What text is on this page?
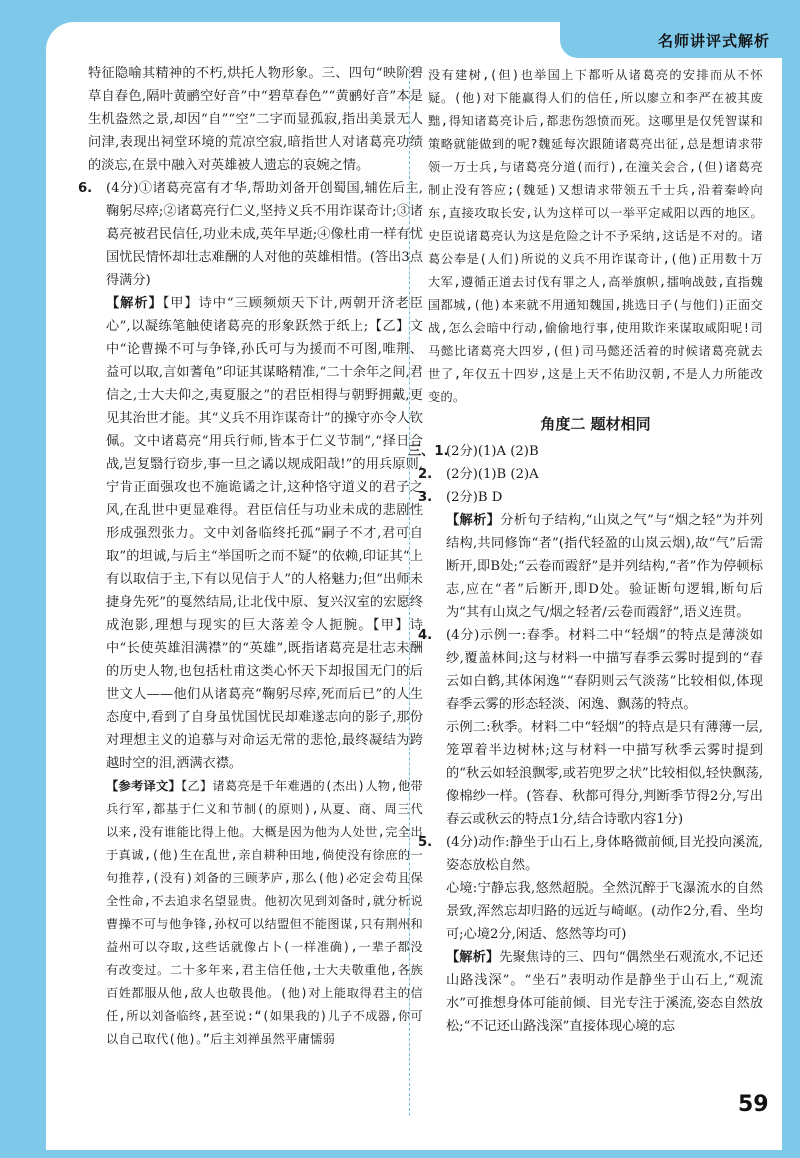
名师讲评式解析

特征隐喻其精神的不朽,烘托人物形象。三、四句“映阶碧草自春色,隔叶黄鹂空好音”中“碧草春色”“黄鹂好音”本是生机盎然之景,却因“自”“空”二字而显孤寂,指出美景无人问津,表现出祠堂环境的荒凉空寂,暗指世人对诸葛亮功绩的淡忘,在景中融入对英雄被人遗忘的哀婉之情。

6. (4分)①诸葛亮富有才华,帮助刘备开创蜀国,辅佐后主,鞠躬尽瘁;②诸葛亮行仁义,坚持义兵不用诈谋奇计;③诸葛亮被君民信任,功业未成,英年早逝;④像杜甫一样有忧国忧民情怀却壮志难酬的人对他的英雄相惜。(答出3点得满分)

【解析】【甲】诗中“三顾频烦天下计,两朝开济老臣心”,以凝练笔触使诸葛亮的形象跃然于纸上;【乙】文中“论曹操不可与争锋,孙氏可与为援而不可图,唯荆、益可以取,言如蓍龟”印证其谋略精准,“二十余年之间,君信之,士大夫仰之,夷夏服之”的君臣相得与朝野拥戴,更见其治世才能。其“义兵不用诈谋奇计”的操守亦令人钦佩。文中诸葛亮“用兵行师,皆本于仁义节制”,“择日合战,岂复翳行窃步,事一旦之谲以规成阳哉!”的用兵原则,宁肯正面强攻也不施诡谲之计,这种恪守道义的君子之风,在乱世中更显难得。君臣信任与功业未成的悲剧性形成强烈张力。文中刘备临终托孤“嗣子不才,君可自取”的坦诚,与后主“举国听之而不疑”的依赖,印证其“上有以取信于主,下有以见信于人”的人格魅力;但“出师未捷身先死”的戛然结局,让北伐中原、复兴汉室的宏愿终成泡影,理想与现实的巨大落差令人扼腕。【甲】诗中“长使英雄泪满襟”的“英雄”,既指诸葛亮是壮志未酬的历史人物,也包括杜甫这类心怀天下却报国无门的后世文人——他们从诸葛亮“鞠躬尽瘁,死而后已”的人生态度中,看到了自身虽忧国忧民却难遂志向的影子,那份对理想主义的追慕与对命运无常的悲怆,最终凝结为跨越时空的泪,洒满衣襟。

【参考译文】【乙】诸葛亮是千年难遇的(杰出)人物,他带兵行军,都基于仁义和节制(的原则),从夏、商、周三代以来,没有谁能比得上他。大概是因为他为人处世,完全出于真诚,(他)生在乱世,亲自耕种田地,倘使没有徐庶的一句推荐,(没有)刘备的三顾茅庐,那么(他)必定会苟且保全性命,不去追求名望显贵。他初次见到刘备时,就分析说曹操不可与他争锋,孙权可以结盟但不能图谋,只有荆州和益州可以夺取,这些话就像占卜(一样准确),一辈子都没有改变过。二十多年来,君主信任他,士大夫敬重他,各族百姓都服从他,敌人也敬畏他。(他)对上能取得君主的信任,所以刘备临终,甚至说:“(如果我的)儿子不成器,你可以自己取代(他)。”后主刘禅虽然平庸懦弱

没有建树,(但)也举国上下都听从诸葛亮的安排而从不怀疑。(他)对下能赢得人们的信任,所以廖立和李严在被其废黜,得知诸葛亮讣后,都悲伤怨愤而死。这哪里是仅凭智谋和策略就能做到的呢?魏延每次跟随诸葛亮出征,总是想请求带领一万士兵,与诸葛亮分道(而行),在潼关会合,(但)诸葛亮制止没有答应;(魏延)又想请求带领五千士兵,沿着秦岭向东,直接攻取长安,认为这样可以一举平定咸阳以西的地区。史臣说诸葛亮认为这是危险之计不予采纳,这话是不对的。诸葛公奉是(人们)所说的义兵不用诈谋奇计,(他)正用数十万大军,遵循正道去讨伐有罪之人,高举旗帜,擂响战鼓,直指魏国都城,(他)本来就不用通知魏国,挑选日子(与他们)正面交战,怎么会暗中行动,偷偷地行事,使用欺诈来谋取咸阳呢!司马懿比诸葛亮大四岁,(但)司马懿还活着的时候诸葛亮就去世了,年仅五十四岁,这是上天不佑助汉朝,不是人力所能改变的。

角度二 题材相同
三、1.

(2分)(1)A (2)B

2. (2分)(1)B (2)A

3. (2分)B D

【解析】分析句子结构,“山岚之气”与“烟之轻”为并列结构,共同修饰“者”(指代轻盈的山岚云烟),故“气”后需断开,即B处;“云卷而霞舒”是并列结构,“者”作为停顿标志,应在“者”后断开,即D处。验证断句逻辑,断句后为“其有山岚之气/烟之轻者/云卷而霞舒”,语义连贯。

4. (4分)示例一:春季。材料二中“轻烟”的特点是薄淡如纱,覆盖林间;这与材料一中描写春季云雾时提到的“春云如白鹤,其体闲逸”“春阴则云气淡荡”比较相似,体现春季云雾的形态轻淡、闲逸、飘荡的特点。

示例二:秋季。材料二中“轻烟”的特点是只有薄薄一层,笼罩着半边树林;这与材料一中描写秋季云雾时提到的“秋云如轻浪飘零,或若兜罗之状”比较相似,轻快飘荡,像棉纱一样。(答春、秋都可得分,判断季节得2分,写出春云或秋云的特点1分,结合诗歌内容1分)

5. (4分)动作:静坐于山石上,身体略微前倾,目光投向溪流,姿态放松自然。

心境:宁静忘我,悠然超脱。全然沉醉于飞瀑流水的自然景致,浑然忘却归路的远近与崎岖。(动作2分,看、坐均可;心境2分,闲适、悠然等均可)

【解析】先聚焦诗的三、四句“偶然坐石观流水,不记还山路浅深”。“坐石”表明动作是静坐于山石上,“观流水”可推想身体可能前倾、目光专注于溪流,姿态自然放松;“不记还山路浅深”直接体现心境的忘

59
